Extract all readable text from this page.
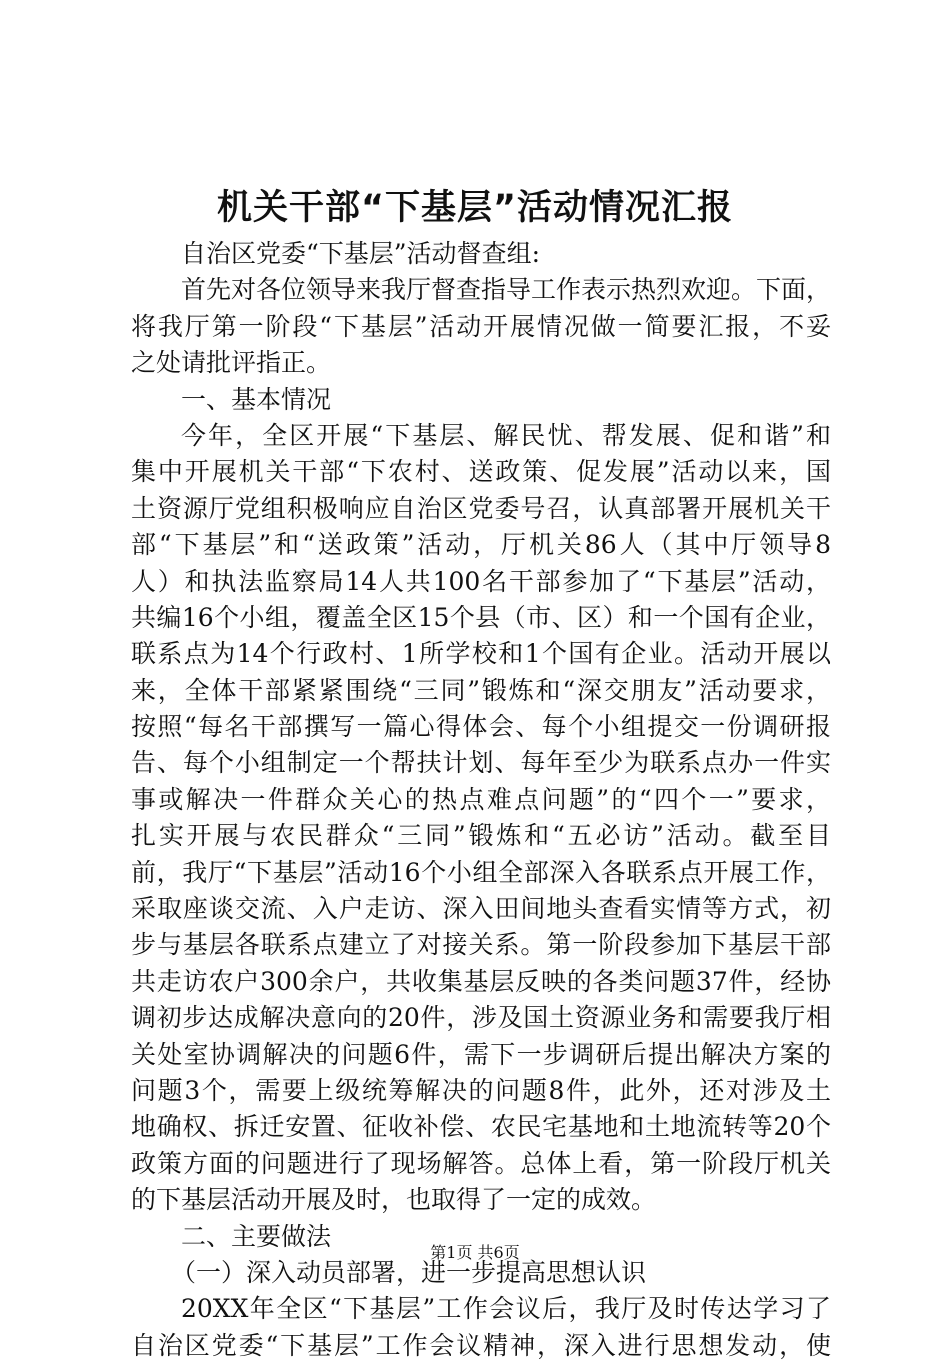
机关干部“下基层”活动情况汇报
自治区党委“下基层”活动督查组:
首先对各位领导来我厅督查指导工作表示热烈欢迎。下面，
将我厅第一阶段“下基层”活动开展情况做一简要汇报，不妥
之处请批评指正。
一、基本情况
今年，全区开展“下基层、解民忧、帮发展、促和谐”和
集中开展机关干部“下农村、送政策、促发展”活动以来，国
土资源厅党组积极响应自治区党委号召，认真部署开展机关干
部“下基层”和“送政策”活动，厅机关86人（其中厅领导8
人）和执法监察局14人共100名干部参加了“下基层”活动，
共编16个小组，覆盖全区15个县（市、区）和一个国有企业，
联系点为14个行政村、1所学校和1个国有企业。活动开展以
来，全体干部紧紧围绕“三同”锻炼和“深交朋友”活动要求，
按照“每名干部撰写一篇心得体会、每个小组提交一份调研报
告、每个小组制定一个帮扶计划、每年至少为联系点办一件实
事或解决一件群众关心的热点难点问题”的“四个一”要求，
扎实开展与农民群众“三同”锻炼和“五必访”活动。截至目
前，我厅“下基层”活动16个小组全部深入各联系点开展工作，
采取座谈交流、入户走访、深入田间地头查看实情等方式，初
步与基层各联系点建立了对接关系。第一阶段参加下基层干部
共走访农户300余户，共收集基层反映的各类问题37件，经协
调初步达成解决意向的20件，涉及国土资源业务和需要我厅相
关处室协调解决的问题6件，需下一步调研后提出解决方案的
问题3个，需要上级统筹解决的问题8件，此外，还对涉及土
地确权、拆迁安置、征收补偿、农民宅基地和土地流转等20个
政策方面的问题进行了现场解答。总体上看，第一阶段厅机关
的下基层活动开展及时，也取得了一定的成效。
二、主要做法
（一）深入动员部署，进一步提高思想认识
20XX年全区“下基层”工作会议后，我厅及时传达学习了
自治区党委“下基层”工作会议精神，深入进行思想发动，使
第1页 共6页
